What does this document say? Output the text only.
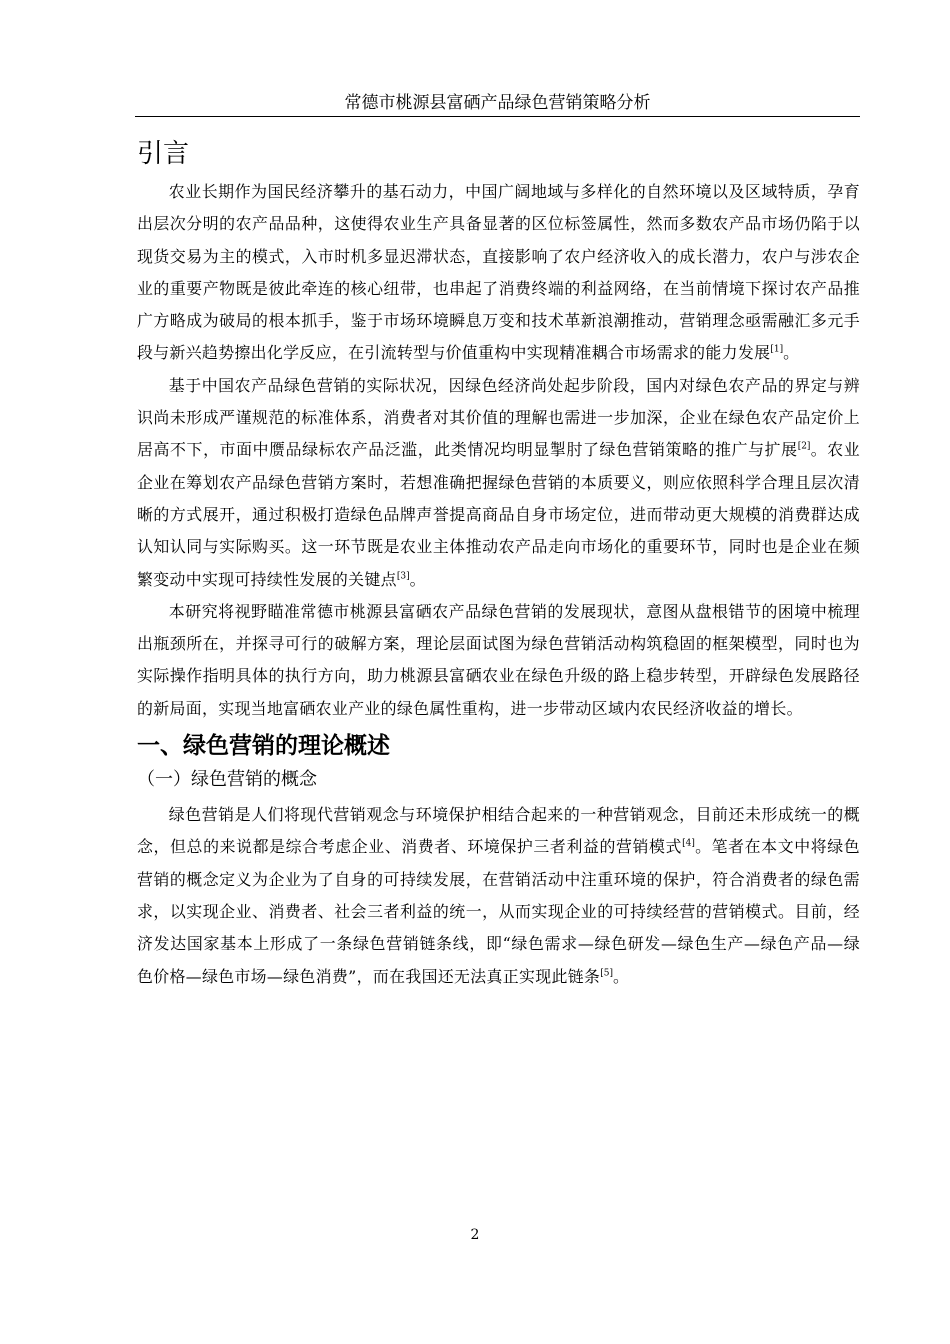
常德市桃源县富硒产品绿色营销策略分析
引言

农业长期作为国民经济攀升的基石动力，中国广阔地域与多样化的自然环境以及区域特质，孕育出层次分明的农产品品种，这使得农业生产具备显著的区位标签属性，然而多数农产品市场仍陷于以现货交易为主的模式，入市时机多显迟滞状态，直接影响了农户经济收入的成长潜力，农户与涉农企业的重要产物既是彼此牵连的核心纽带，也串起了消费终端的利益网络，在当前情境下探讨农产品推广方略成为破局的根本抓手，鉴于市场环境瞬息万变和技术革新浪潮推动，营销理念亟需融汇多元手段与新兴趋势擦出化学反应，在引流转型与价值重构中实现精准耦合市场需求的能力发展[1]。

基于中国农产品绿色营销的实际状况，因绿色经济尚处起步阶段，国内对绿色农产品的界定与辨识尚未形成严谨规范的标准体系，消费者对其价值的理解也需进一步加深，企业在绿色农产品定价上居高不下，市面中赝品绿标农产品泛滥，此类情况均明显掣肘了绿色营销策略的推广与扩展[2]。农业企业在筹划农产品绿色营销方案时，若想准确把握绿色营销的本质要义，则应依照科学合理且层次清晰的方式展开，通过积极打造绿色品牌声誉提高商品自身市场定位，进而带动更大规模的消费群达成认知认同与实际购买。这一环节既是农业主体推动农产品走向市场化的重要环节，同时也是企业在频繁变动中实现可持续性发展的关键点[3]。

本研究将视野瞄准常德市桃源县富硒农产品绿色营销的发展现状，意图从盘根错节的困境中梳理出瓶颈所在，并探寻可行的破解方案，理论层面试图为绿色营销活动构筑稳固的框架模型，同时也为实际操作指明具体的执行方向，助力桃源县富硒农业在绿色升级的路上稳步转型，开辟绿色发展路径的新局面，实现当地富硒农业产业的绿色属性重构，进一步带动区域内农民经济收益的增长。

一、绿色营销的理论概述
（一）绿色营销的概念

绿色营销是人们将现代营销观念与环境保护相结合起来的一种营销观念，目前还未形成统一的概念，但总的来说都是综合考虑企业、消费者、环境保护三者利益的营销模式[4]。笔者在本文中将绿色营销的概念定义为企业为了自身的可持续发展，在营销活动中注重环境的保护，符合消费者的绿色需求，以实现企业、消费者、社会三者利益的统一，从而实现企业的可持续经营的营销模式。目前，经济发达国家基本上形成了一条绿色营销链条线，即“绿色需求—绿色研发—绿色生产—绿色产品—绿色价格—绿色市场—绿色消费”，而在我国还无法真正实现此链条[5]。

2
